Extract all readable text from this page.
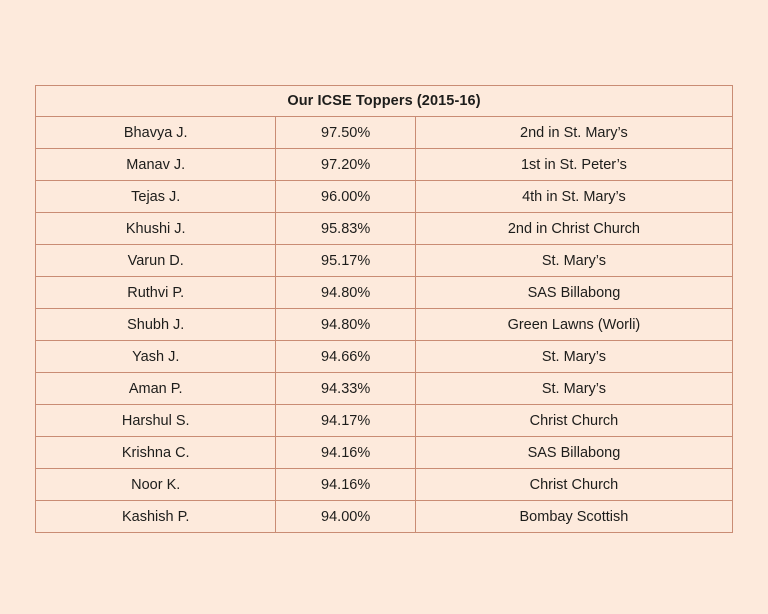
Our ICSE Toppers (2015-16)		
Bhavya J.	97.50%	2nd in St. Mary’s
Manav J.	97.20%	1st in St. Peter’s
Tejas J.	96.00%	4th in St. Mary’s
Khushi J.	95.83%	2nd in Christ Church
Varun D.	95.17%	St. Mary’s
Ruthvi P.	94.80%	SAS Billabong
Shubh J.	94.80%	Green Lawns (Worli)
Yash J.	94.66%	St. Mary’s
Aman P.	94.33%	St. Mary’s
Harshul S.	94.17%	Christ Church
Krishna C.	94.16%	SAS Billabong
Noor K.	94.16%	Christ Church
Kashish P.	94.00%	Bombay Scottish
